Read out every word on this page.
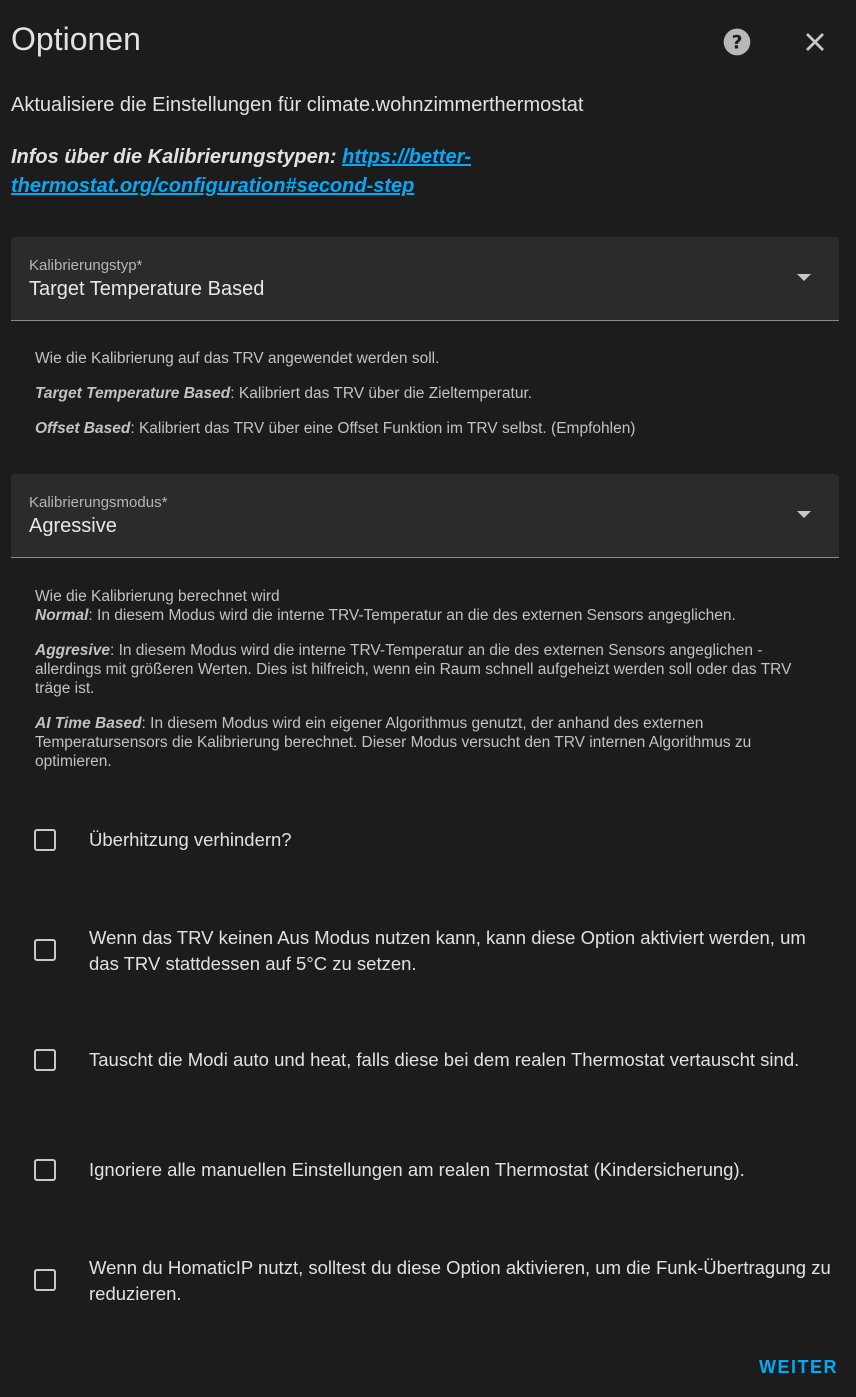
Optionen	?

Aktualisiere die Einstellungen für climate.wohnzimmerthermostat

Infos über die Kalibrierungstypen: https://better-thermostat.org/configuration#second-step

Kalibrierungstyp*
Target Temperature Based

Wie die Kalibrierung auf das TRV angewendet werden soll.

Target Temperature Based: Kalibriert das TRV über die Zieltemperatur.

Offset Based: Kalibriert das TRV über eine Offset Funktion im TRV selbst. (Empfohlen)

Kalibrierungsmodus*
Agressive
Wie die Kalibrierung berechnet wird

Normal: In diesem Modus wird die interne TRV-Temperatur an die des externen Sensors angeglichen.

Aggresive: In diesem Modus wird die interne TRV-Temperatur an die des externen Sensors angeglichen - allerdings mit größeren Werten. Dies ist hilfreich, wenn ein Raum schnell aufgeheizt werden soll oder das TRV träge ist.

AI Time Based: In diesem Modus wird ein eigener Algorithmus genutzt, der anhand des externen Temperatursensors die Kalibrierung berechnet. Dieser Modus versucht den TRV internen Algorithmus zu optimieren.

Überhitzung verhindern?
Wenn das TRV keinen Aus Modus nutzen kann, kann diese Option aktiviert werden, um das TRV stattdessen auf 5°C zu setzen.
Tauscht die Modi auto und heat, falls diese bei dem realen Thermostat vertauscht sind.
Ignoriere alle manuellen Einstellungen am realen Thermostat (Kindersicherung).
Wenn du HomaticIP nutzt, solltest du diese Option aktivieren, um die Funk-Übertragung zu reduzieren.
WEITER
